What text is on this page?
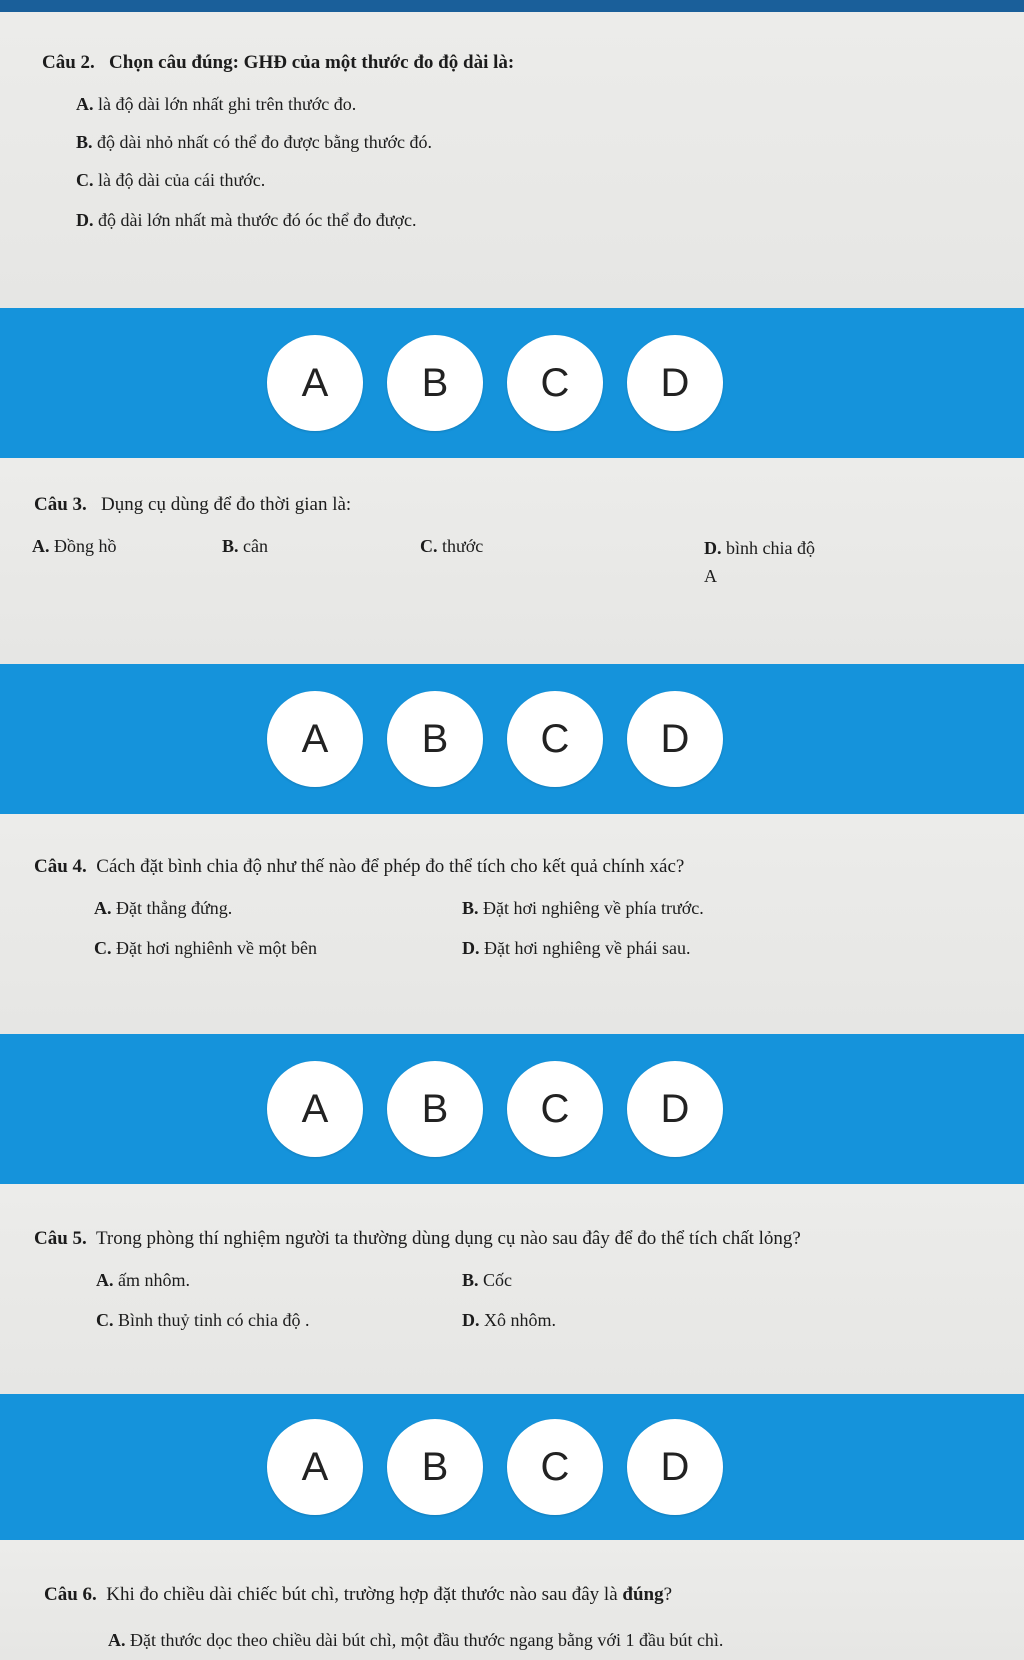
Câu 2. Chọn câu đúng: GHĐ của một thước đo độ dài là:
A. là độ dài lớn nhất ghi trên thước đo.
B. độ dài nhỏ nhất có thể đo được bằng thước đó.
C. là độ dài của cái thước.
D. độ dài lớn nhất mà thước đó óc thể đo được.
A	B	C	D
Câu 3. Dụng cụ dùng để đo thời gian là:
A. Đồng hồ	B. cân	C. thước	D. bình chia độ
A
A	B	C	D
Câu 4. Cách đặt bình chia độ như thế nào để phép đo thể tích cho kết quả chính xác?
A. Đặt thẳng đứng.	B. Đặt hơi nghiêng về phía trước.
C. Đặt hơi nghiênh về một bên	D. Đặt hơi nghiêng về phái sau.
A	B	C	D
Câu 5. Trong phòng thí nghiệm người ta thường dùng dụng cụ nào sau đây để đo thể tích chất lỏng?
A. ấm nhôm.	B. Cốc
C. Bình thuỷ tinh có chia độ .	D. Xô nhôm.
A	B	C	D
Câu 6. Khi đo chiều dài chiếc bút chì, trường hợp đặt thước nào sau đây là đúng?
A. Đặt thước dọc theo chiều dài bút chì, một đầu thước ngang bằng với 1 đầu bút chì.
